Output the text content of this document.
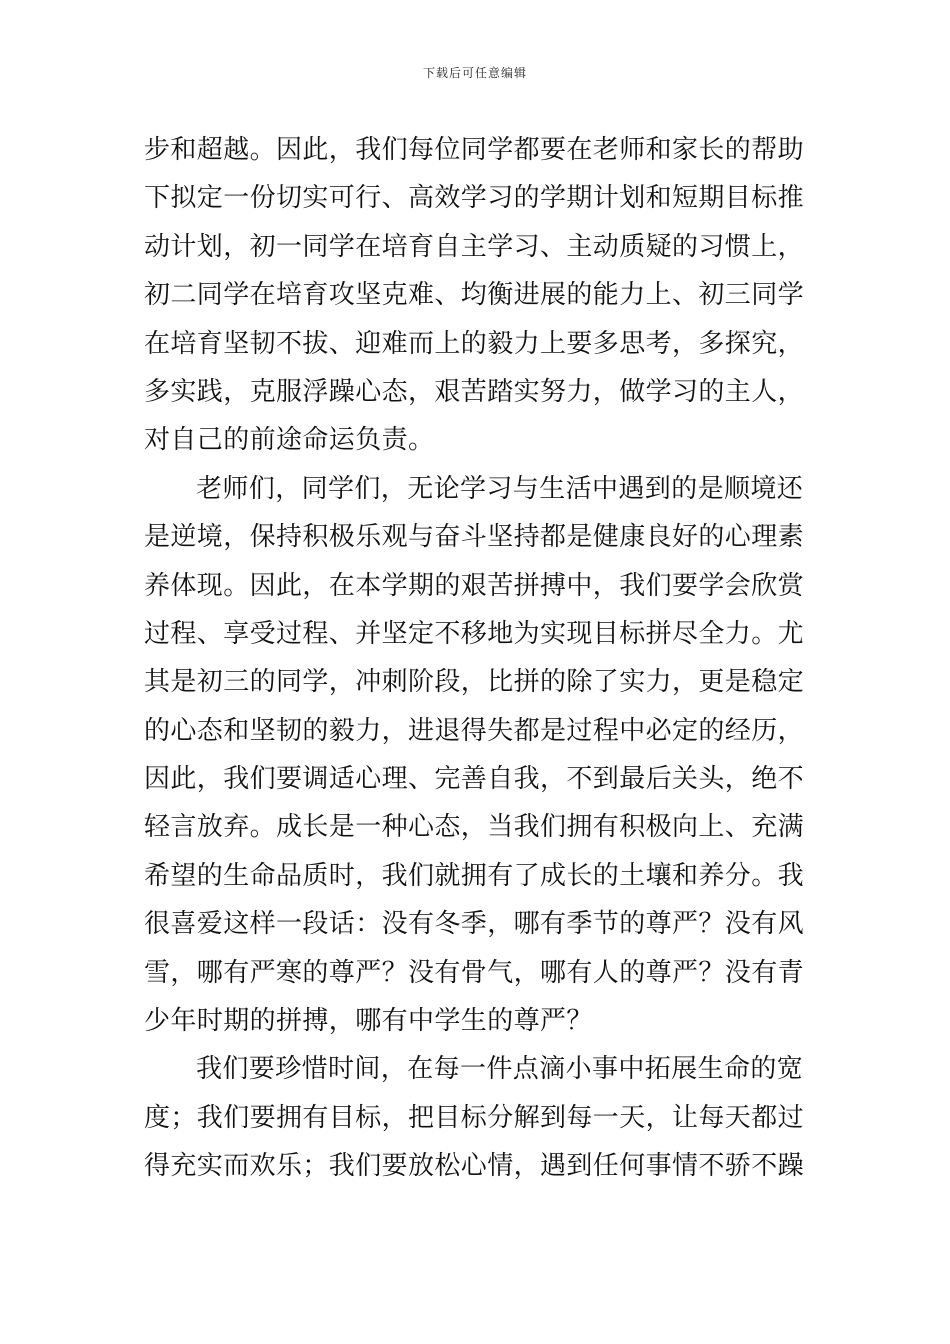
下载后可任意编辑
步和超越。因此，我们每位同学都要在老师和家长的帮助
下拟定一份切实可行、高效学习的学期计划和短期目标推
动计划，初一同学在培育自主学习、主动质疑的习惯上，
初二同学在培育攻坚克难、均衡进展的能力上、初三同学
在培育坚韧不拔、迎难而上的毅力上要多思考，多探究，
多实践，克服浮躁心态，艰苦踏实努力，做学习的主人，
对自己的前途命运负责。
老师们，同学们，无论学习与生活中遇到的是顺境还
是逆境，保持积极乐观与奋斗坚持都是健康良好的心理素
养体现。因此，在本学期的艰苦拼搏中，我们要学会欣赏
过程、享受过程、并坚定不移地为实现目标拼尽全力。尤
其是初三的同学，冲刺阶段，比拼的除了实力，更是稳定
的心态和坚韧的毅力，进退得失都是过程中必定的经历，
因此，我们要调适心理、完善自我，不到最后关头，绝不
轻言放弃。成长是一种心态，当我们拥有积极向上、充满
希望的生命品质时，我们就拥有了成长的土壤和养分。我
很喜爱这样一段话：没有冬季，哪有季节的尊严？没有风
雪，哪有严寒的尊严？没有骨气，哪有人的尊严？没有青
少年时期的拼搏，哪有中学生的尊严？
我们要珍惜时间，在每一件点滴小事中拓展生命的宽
度；我们要拥有目标，把目标分解到每一天，让每天都过
得充实而欢乐；我们要放松心情，遇到任何事情不骄不躁
